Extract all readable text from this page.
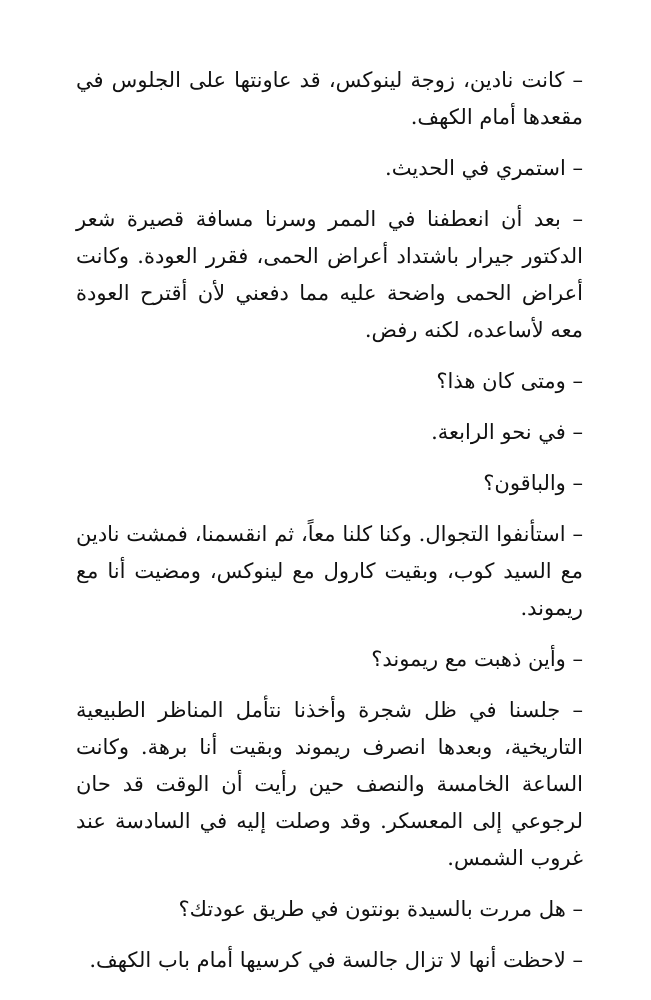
– كانت نادين، زوجة لينوكس، قد عاونتها على الجلوس في مقعدها أمام الكهف.

– استمري في الحديث.

– بعد أن انعطفنا في الممر وسرنا مسافة قصيرة شعر الدكتور جيرار باشتداد أعراض الحمى، فقرر العودة. وكانت أعراض الحمى واضحة عليه مما دفعني لأن أقترح العودة معه لأساعده، لكنه رفض.

– ومتى كان هذا؟

– في نحو الرابعة.

– والباقون؟

– استأنفوا التجوال. وكنا كلنا معاً، ثم انقسمنا، فمشت نادين مع السيد كوب، وبقيت كارول مع لينوكس، ومضيت أنا مع ريموند.

– وأين ذهبت مع ريموند؟

– جلسنا في ظل شجرة وأخذنا نتأمل المناظر الطبيعية التاريخية، وبعدها انصرف ريموند وبقيت أنا برهة. وكانت الساعة الخامسة والنصف حين رأيت أن الوقت قد حان لرجوعي إلى المعسكر. وقد وصلت إليه في السادسة عند غروب الشمس.

– هل مررت بالسيدة بونتون في طريق عودتك؟

– لاحظت أنها لا تزال جالسة في كرسيها أمام باب الكهف.
